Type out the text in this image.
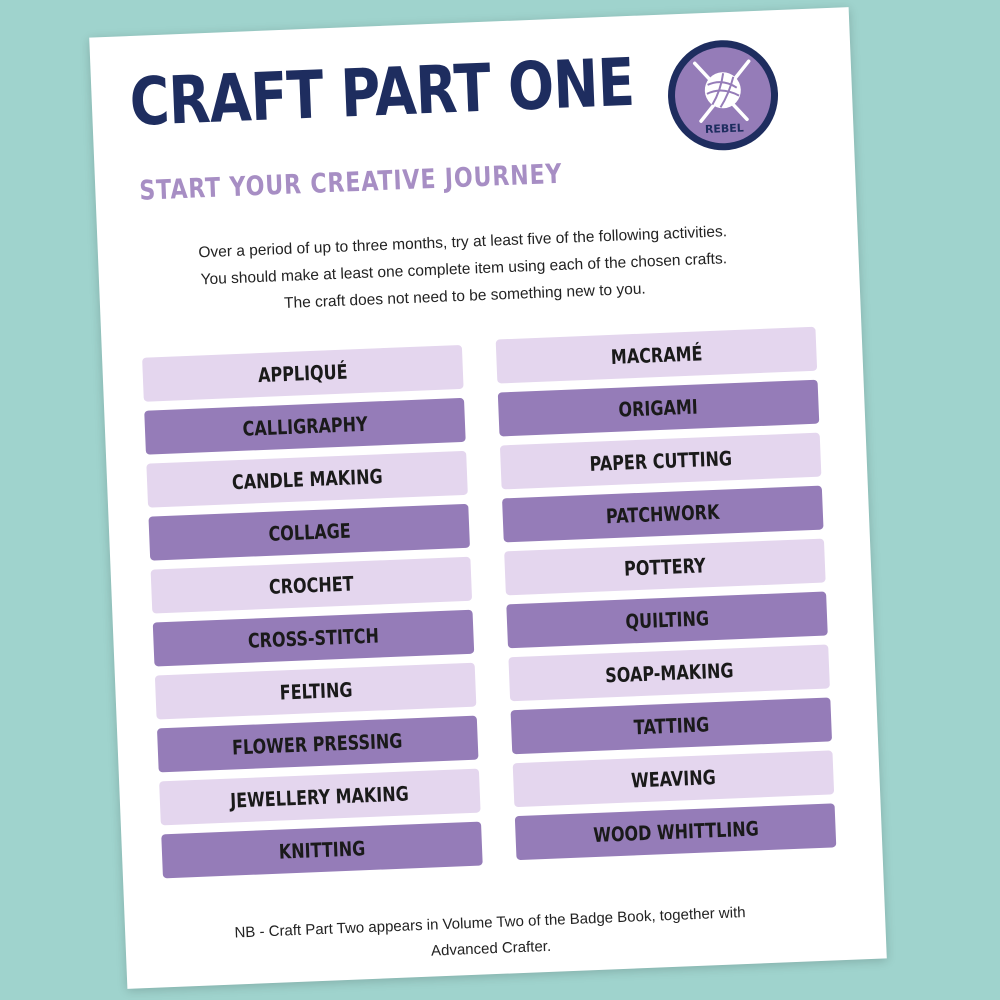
CRAFT PART ONE
START YOUR CREATIVE JOURNEY
REBEL

Over a period of up to three months, try at least five of the following activities.

You should make at least one complete item using each of the chosen crafts.

The craft does not need to be something new to you.

APPLIQUÉ
CALLIGRAPHY
CANDLE MAKING
COLLAGE
CROCHET
CROSS-STITCH
FELTING
FLOWER PRESSING
JEWELLERY MAKING
KNITTING
MACRAMÉ
ORIGAMI
PAPER CUTTING
PATCHWORK
POTTERY
QUILTING
SOAP-MAKING
TATTING
WEAVING
WOOD WHITTLING

NB - Craft Part Two appears in Volume Two of the Badge Book, together with

Advanced Crafter.
